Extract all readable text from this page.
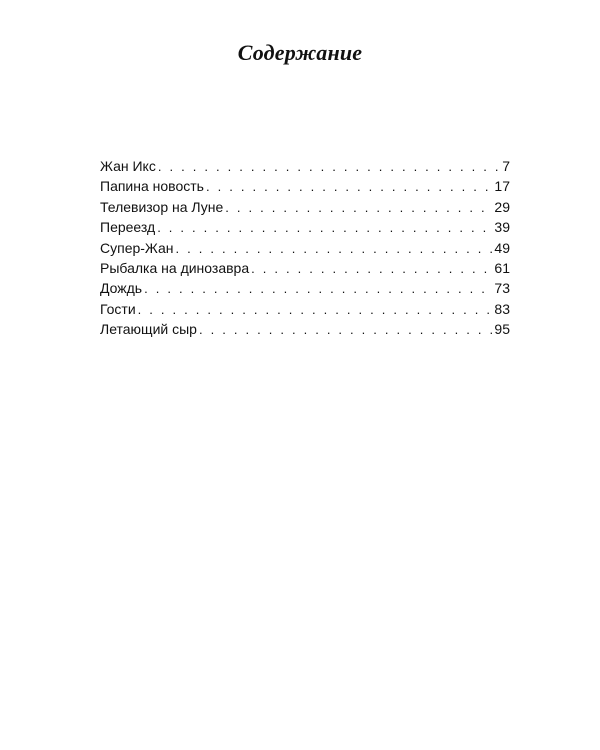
Содержание
Жан Икс . . .	7
Папина новость . . .	17
Телевизор на Луне . . .	29
Переезд . . .	39
Супер-Жан . . .	49
Рыбалка на динозавра . . .	61
Дождь . . .	73
Гости . . .	83
Летающий сыр . . .	95
